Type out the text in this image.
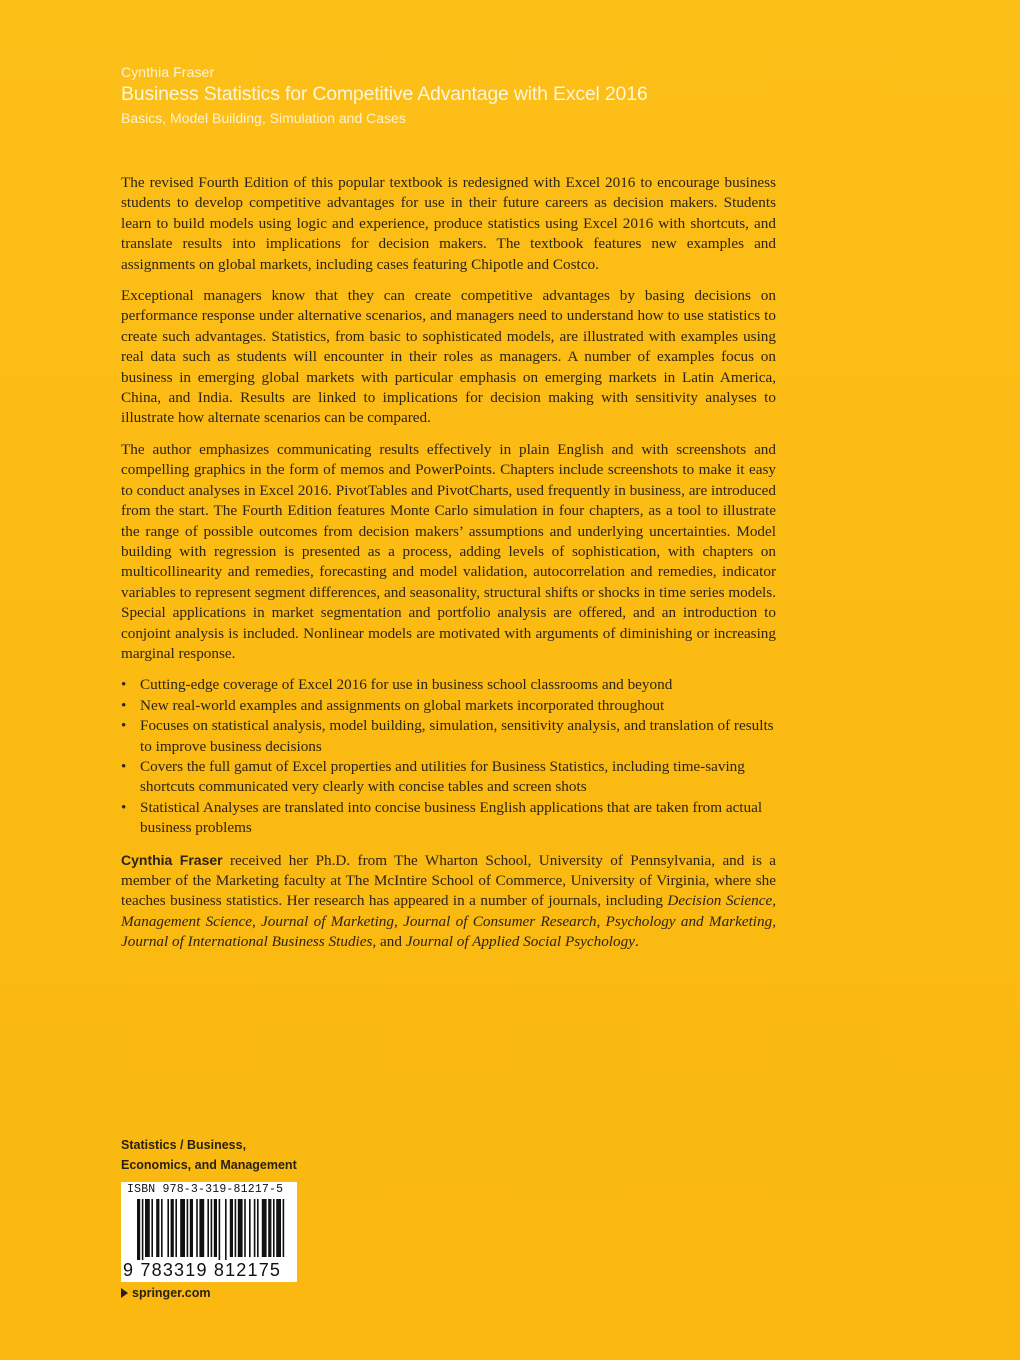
Cynthia Fraser
Business Statistics for Competitive Advantage with Excel 2016
Basics, Model Building, Simulation and Cases

The revised Fourth Edition of this popular textbook is redesigned with Excel 2016 to encourage business students to develop competitive advantages for use in their future careers as decision makers. Students learn to build models using logic and experience, produce statistics using Excel 2016 with shortcuts, and translate results into implications for decision makers. The textbook features new examples and assignments on global markets, including cases featuring Chipotle and Costco.

Exceptional managers know that they can create competitive advantages by basing decisions on performance response under alternative scenarios, and managers need to understand how to use statistics to create such advantages. Statistics, from basic to sophisticated models, are illustrated with examples using real data such as students will encounter in their roles as managers. A number of examples focus on business in emerging global markets with particular emphasis on emerging markets in Latin America, China, and India. Results are linked to implications for decision making with sensitivity analyses to illustrate how alternate scenarios can be compared.

The author emphasizes communicating results effectively in plain English and with screenshots and compelling graphics in the form of memos and PowerPoints. Chapters include screenshots to make it easy to conduct analyses in Excel 2016. PivotTables and PivotCharts, used frequently in business, are introduced from the start. The Fourth Edition features Monte Carlo simulation in four chapters, as a tool to illustrate the range of possible outcomes from decision makers’ assumptions and underlying uncertainties. Model building with regression is presented as a process, adding levels of sophistication, with chapters on multicollinearity and remedies, forecasting and model validation, autocorrelation and remedies, indicator variables to represent segment differences, and seasonality, structural shifts or shocks in time series models. Special applications in market segmentation and portfolio analysis are offered, and an introduction to conjoint analysis is included. Nonlinear models are motivated with arguments of diminishing or increasing marginal response.

• Cutting-edge coverage of Excel 2016 for use in business school classrooms and beyond
• New real-world examples and assignments on global markets incorporated throughout
• Focuses on statistical analysis, model building, simulation, sensitivity analysis, and translation of results to improve business decisions
• Covers the full gamut of Excel properties and utilities for Business Statistics, including time-saving shortcuts communicated very clearly with concise tables and screen shots
• Statistical Analyses are translated into concise business English applications that are taken from actual business problems

Cynthia Fraser received her Ph.D. from The Wharton School, University of Pennsylvania, and is a member of the Marketing faculty at The McIntire School of Commerce, University of Virginia, where she teaches business statistics. Her research has appeared in a number of journals, including Decision Science, Management Science, Journal of Marketing, Journal of Consumer Research, Psychology and Marketing, Journal of International Business Studies, and Journal of Applied Social Psychology.

Statistics / Business,
Economics, and Management
ISBN 978-3-319-81217-5
9 783319 812175
springer.com
